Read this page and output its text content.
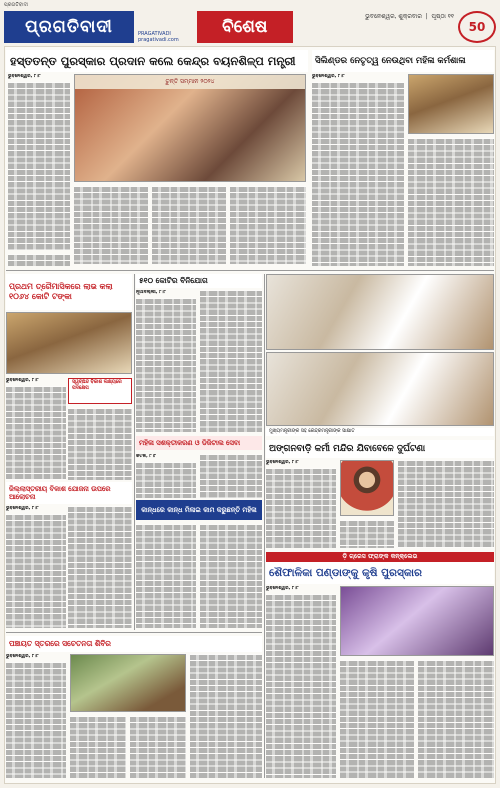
ପ୍ରଗତିବାଦୀ
ପ୍ରଗତିବାଦୀ	PRAGATIVADI
pragativadi.com
ବିଶେଷ
ଭୁବନେଶ୍ୱର, ଶୁକ୍ରବାର  |  ପୃଷ୍ଠା ୧୧
50
ହସ୍ତତନ୍ତ ପୁରସ୍କାର ପ୍ରଦାନ କଲେ କେନ୍ଦ୍ର ବୟନଶିଳ୍ପ ମନ୍ତ୍ରୀ
ଚୁନ୍ତି ସମ୍ମାନ ୨୦୨୪
ଭୁବନେଶ୍ୱର, ୮।୮
ସିଲିଣ୍ଡର ନେତୃତ୍ୱ ନେଉଥିବା ମହିଳା କର୍ମଶାଳା
ଭୁବନେଶ୍ୱର, ୮।୮
ପ୍ରଥମ ତ୍ରୈମାସିକରେ ଲାଭ କଲା ୧୦୬୪ କୋଟି ଟଙ୍କା
ଭୁବନେଶ୍ୱର, ୮।୮	ସ୍ୱଚ୍ଛନ୍ଦ ବିକାଶ ଲକ୍ଷ୍ୟରେ ପଦକ୍ଷେପ
୫୧୦ କୋଟିର ବିନିଯୋଗ
ନୂଆଦିଲ୍ଲୀ, ୮।୮
ମୁଖ୍ୟମନ୍ତ୍ରୀଙ୍କ ସହ କେନ୍ଦ୍ରମନ୍ତ୍ରୀଙ୍କ ସାକ୍ଷାତ
ମହିଳା ସଶକ୍ତୀକରଣ ଓ ଡିଜିଟାଲ ସେବା
କଟକ, ୮।୮
କାନ୍ଧରେ କାନ୍ଧ ମିଳାଇ କାମ କରୁଛନ୍ତି ମହିଳା
ଅଙ୍ଗନବାଡ଼ି କର୍ମୀ ମନ୍ଦିର ଯିବାବେଳେ ଦୁର୍ଘଟଣା
ଭୁବନେଶ୍ୱର, ୮।୮
ଜିଲ୍ଲାସ୍ତରୀୟ ବିକାଶ ଯୋଜନା ଉପରେ ଆଲୋଚନା
ଭୁବନେଶ୍ୱର, ୮।୮
ଡ଼ି ଗ୍ରେସ ଫ୍ରାଙ୍କ କନ୍‌କ୍ଲେଭ
ଶୈଫାଳିକା ପଣ୍ଡାଙ୍କୁ କୃଷି ପୁରସ୍କାର
ଭୁବନେଶ୍ୱର, ୮।୮
ପଞ୍ଚାୟତ ସ୍ତରରେ ସଚେତନତା ଶିବିର
ଭୁବନେଶ୍ୱର, ୮।୮
